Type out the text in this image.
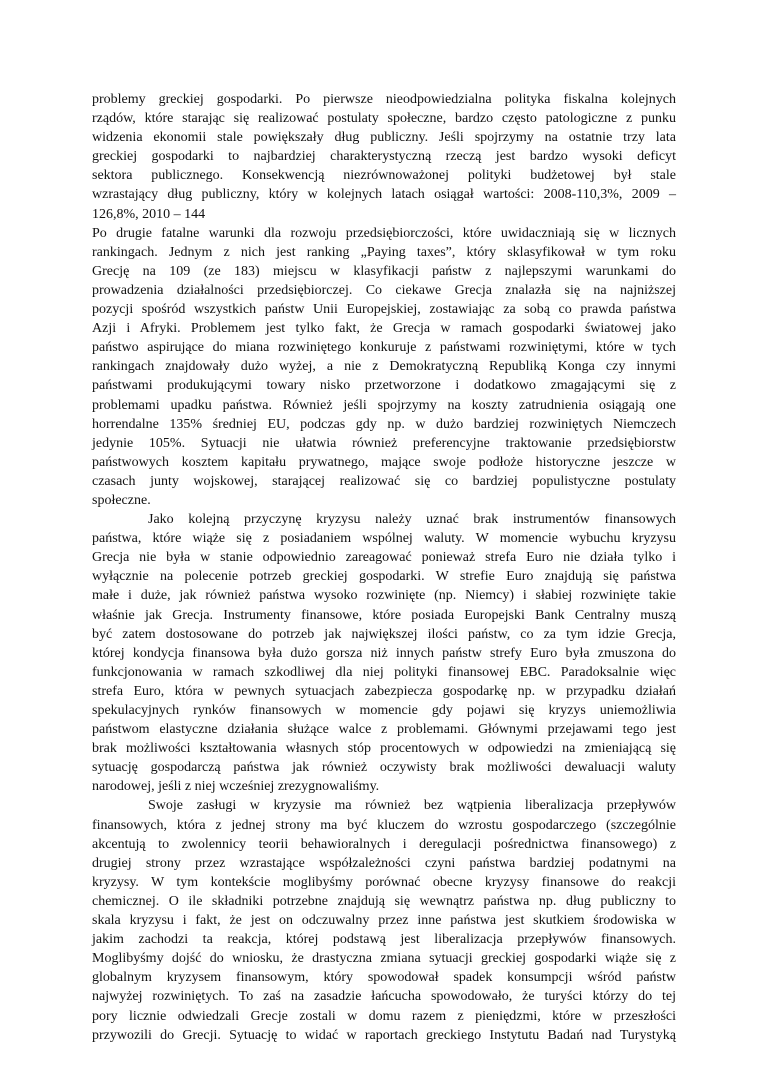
problemy greckiej gospodarki. Po pierwsze nieodpowiedzialna polityka fiskalna kolejnych
rządów, które starając się realizować postulaty społeczne, bardzo często patologiczne z punku
widzenia ekonomii stale powiększały dług publiczny. Jeśli spojrzymy na ostatnie trzy lata
greckiej gospodarki to najbardziej charakterystyczną rzeczą jest bardzo wysoki deficyt
sektora publicznego. Konsekwencją niezrównoważonej polityki budżetowej był stale
wzrastający dług publiczny, który w kolejnych latach osiągał wartości: 2008-110,3%, 2009 –
126,8%, 2010 – 144
Po drugie fatalne warunki dla rozwoju przedsiębiorczości, które uwidaczniają się w licznych
rankingach. Jednym z nich jest ranking „Paying taxes”, który sklasyfikował w tym roku
Grecję na 109 (ze 183) miejscu w klasyfikacji państw z najlepszymi warunkami do
prowadzenia działalności przedsiębiorczej. Co ciekawe Grecja znalazła się na najniższej
pozycji spośród wszystkich państw Unii Europejskiej, zostawiając za sobą co prawda państwa
Azji i Afryki. Problemem jest tylko fakt, że Grecja w ramach gospodarki światowej jako
państwo aspirujące do miana rozwiniętego konkuruje z państwami rozwiniętymi, które w tych
rankingach znajdowały dużo wyżej, a nie z Demokratyczną Republiką Konga czy innymi
państwami produkującymi towary nisko przetworzone i dodatkowo zmagającymi się z
problemami upadku państwa. Również jeśli spojrzymy na koszty zatrudnienia osiągają one
horrendalne 135% średniej EU, podczas gdy np. w dużo bardziej rozwiniętych Niemczech
jedynie 105%. Sytuacji nie ułatwia również preferencyjne traktowanie przedsiębiorstw
państwowych kosztem kapitału prywatnego, mające swoje podłoże historyczne jeszcze w
czasach junty wojskowej, starającej realizować się co bardziej populistyczne postulaty
społeczne.
Jako kolejną przyczynę kryzysu należy uznać brak instrumentów finansowych
państwa, które wiąże się z posiadaniem wspólnej waluty. W momencie wybuchu kryzysu
Grecja nie była w stanie odpowiednio zareagować ponieważ strefa Euro nie działa tylko i
wyłącznie na polecenie potrzeb greckiej gospodarki. W strefie Euro znajdują się państwa
małe i duże, jak również państwa wysoko rozwinięte (np. Niemcy) i słabiej rozwinięte takie
właśnie jak Grecja. Instrumenty finansowe, które posiada Europejski Bank Centralny muszą
być zatem dostosowane do potrzeb jak największej ilości państw, co za tym idzie Grecja,
której kondycja finansowa była dużo gorsza niż innych państw strefy Euro była zmuszona do
funkcjonowania w ramach szkodliwej dla niej polityki finansowej EBC. Paradoksalnie więc
strefa Euro, która w pewnych sytuacjach zabezpiecza gospodarkę np. w przypadku działań
spekulacyjnych rynków finansowych w momencie gdy pojawi się kryzys uniemożliwia
państwom elastyczne działania służące walce z problemami. Głównymi przejawami tego jest
brak możliwości kształtowania własnych stóp procentowych w odpowiedzi na zmieniającą się
sytuację gospodarczą państwa jak również oczywisty brak możliwości dewaluacji waluty
narodowej, jeśli z niej wcześniej zrezygnowaliśmy.
Swoje zasługi w kryzysie ma również bez wątpienia liberalizacja przepływów
finansowych, która z jednej strony ma być kluczem do wzrostu gospodarczego (szczególnie
akcentują to zwolennicy teorii behawioralnych i deregulacji pośrednictwa finansowego) z
drugiej strony przez wzrastające współzależności czyni państwa bardziej podatnymi na
kryzysy. W tym kontekście moglibyśmy porównać obecne kryzysy finansowe do reakcji
chemicznej. O ile składniki potrzebne znajdują się wewnątrz państwa np. dług publiczny to
skala kryzysu i fakt, że jest on odczuwalny przez inne państwa jest skutkiem środowiska w
jakim zachodzi ta reakcja, której podstawą jest liberalizacja przepływów finansowych.
Moglibyśmy dojść do wniosku, że drastyczna zmiana sytuacji greckiej gospodarki wiąże się z
globalnym kryzysem finansowym, który spowodował spadek konsumpcji wśród państw
najwyżej rozwiniętych. To zaś na zasadzie łańcucha spowodowało, że turyści którzy do tej
pory licznie odwiedzali Grecje zostali w domu razem z pieniędzmi, które w przeszłości
przywozili do Grecji. Sytuację to widać w raportach greckiego Instytutu Badań nad Turystyką
